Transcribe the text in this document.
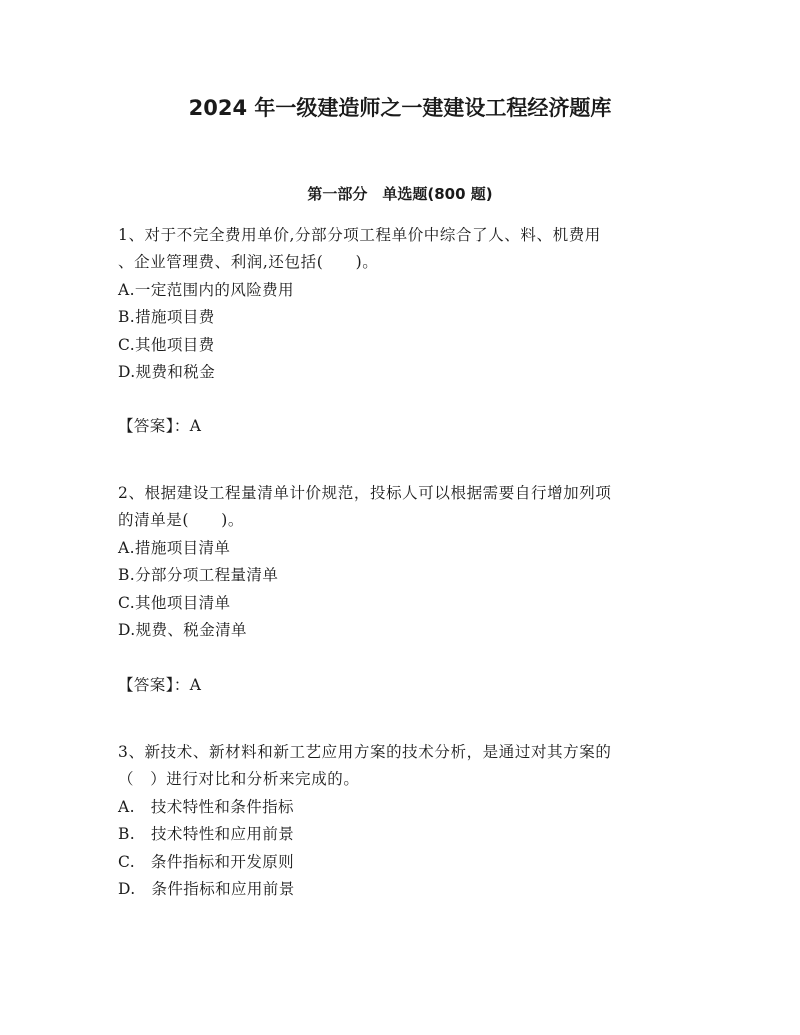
2024 年一级建造师之一建建设工程经济题库
第一部分　单选题(800 题)
1、对于不完全费用单价,分部分项工程单价中综合了人、料、机费用
、企业管理费、利润,还包括(　　)。
A.一定范围内的风险费用
B.措施项目费
C.其他项目费
D.规费和税金
【答案】：A
2、根据建设工程量清单计价规范，投标人可以根据需要自行增加列项
的清单是(　　)。
A.措施项目清单
B.分部分项工程量清单
C.其他项目清单
D.规费、税金清单
【答案】：A
3、新技术、新材料和新工艺应用方案的技术分析，是通过对其方案的
（　）进行对比和分析来完成的。
A.　技术特性和条件指标
B.　技术特性和应用前景
C.　条件指标和开发原则
D.　条件指标和应用前景
